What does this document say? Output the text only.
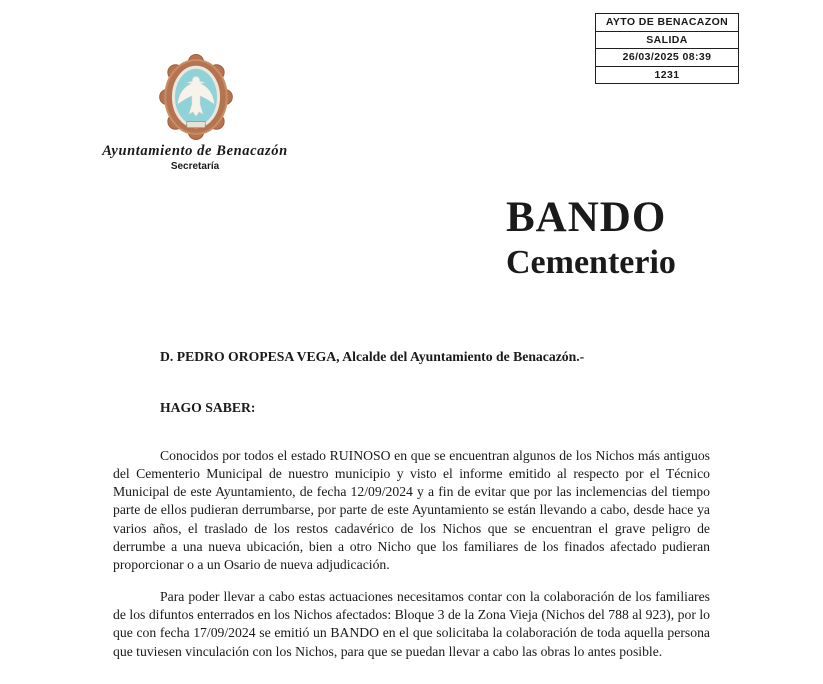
AYTO DE BENACAZON
SALIDA
26/03/2025 08:39
1231
Ayuntamiento de Benacazón
Secretaría
BANDO
Cementerio

D. PEDRO OROPESA VEGA, Alcalde del Ayuntamiento de Benacazón.-

HAGO SABER:

Conocidos por todos el estado RUINOSO en que se encuentran algunos de los Nichos más antiguos del Cementerio Municipal de nuestro municipio y visto el informe emitido al respecto por el Técnico Municipal de este Ayuntamiento, de fecha 12/09/2024 y a fin de evitar que por las inclemencias del tiempo parte de ellos pudieran derrumbarse, por parte de este Ayuntamiento se están llevando a cabo, desde hace ya varios años, el traslado de los restos cadavérico de los Nichos que se encuentran el grave peligro de derrumbe a una nueva ubicación, bien a otro Nicho que los familiares de los finados afectado pudieran proporcionar o a un Osario de nueva adjudicación.

Para poder llevar a cabo estas actuaciones necesitamos contar con la colaboración de los familiares de los difuntos enterrados en los Nichos afectados: Bloque 3 de la Zona Vieja (Nichos del 788 al 923), por lo que con fecha 17/09/2024 se emitió un BANDO en el que solicitaba la colaboración de toda aquella persona que tuviesen vinculación con los Nichos, para que se puedan llevar a cabo las obras lo antes posible.
